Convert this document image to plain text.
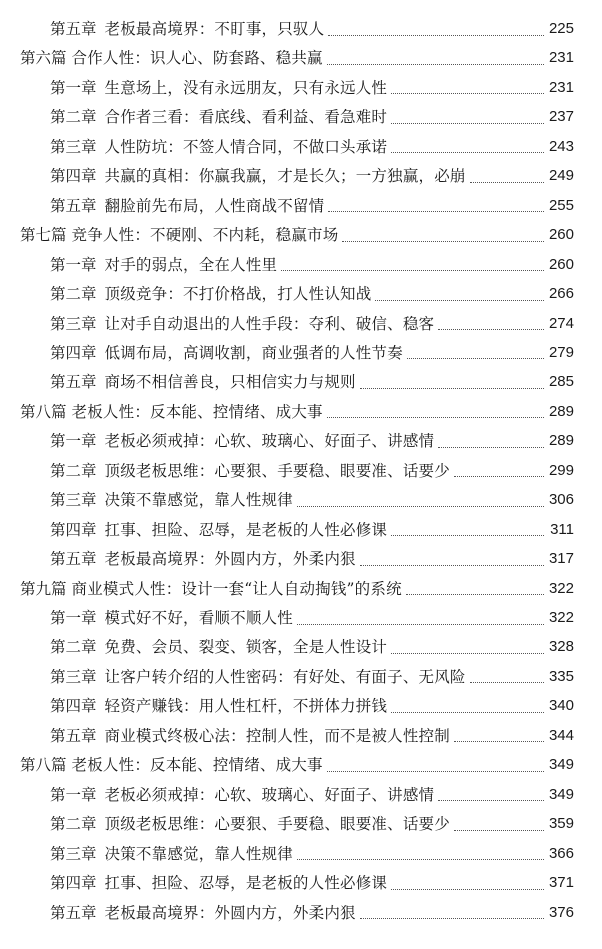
第五章 老板最高境界：不盯事，只驭人	225
第六篇 合作人性：识人心、防套路、稳共赢	231
第一章 生意场上，没有永远朋友，只有永远人性	231
第二章 合作者三看：看底线、看利益、看急难时	237
第三章 人性防坑：不签人情合同，不做口头承诺	243
第四章 共赢的真相：你赢我赢，才是长久；一方独赢，必崩	249
第五章 翻脸前先布局，人性商战不留情	255
第七篇 竞争人性：不硬刚、不内耗，稳赢市场	260
第一章 对手的弱点，全在人性里	260
第二章 顶级竞争：不打价格战，打人性认知战	266
第三章 让对手自动退出的人性手段：夺利、破信、稳客	274
第四章 低调布局，高调收割，商业强者的人性节奏	279
第五章 商场不相信善良，只相信实力与规则	285
第八篇 老板人性：反本能、控情绪、成大事	289
第一章 老板必须戒掉：心软、玻璃心、好面子、讲感情	289
第二章 顶级老板思维：心要狠、手要稳、眼要准、话要少	299
第三章 决策不靠感觉，靠人性规律	306
第四章 扛事、担险、忍辱，是老板的人性必修课	311
第五章 老板最高境界：外圆内方，外柔内狠	317
第九篇 商业模式人性：设计一套“让人自动掏钱”的系统	322
第一章 模式好不好，看顺不顺人性	322
第二章 免费、会员、裂变、锁客，全是人性设计	328
第三章 让客户转介绍的人性密码：有好处、有面子、无风险	335
第四章 轻资产赚钱：用人性杠杆，不拼体力拼钱	340
第五章 商业模式终极心法：控制人性，而不是被人性控制	344
第八篇 老板人性：反本能、控情绪、成大事	349
第一章 老板必须戒掉：心软、玻璃心、好面子、讲感情	349
第二章 顶级老板思维：心要狠、手要稳、眼要准、话要少	359
第三章 决策不靠感觉，靠人性规律	366
第四章 扛事、担险、忍辱，是老板的人性必修课	371
第五章 老板最高境界：外圆内方，外柔内狠	376
